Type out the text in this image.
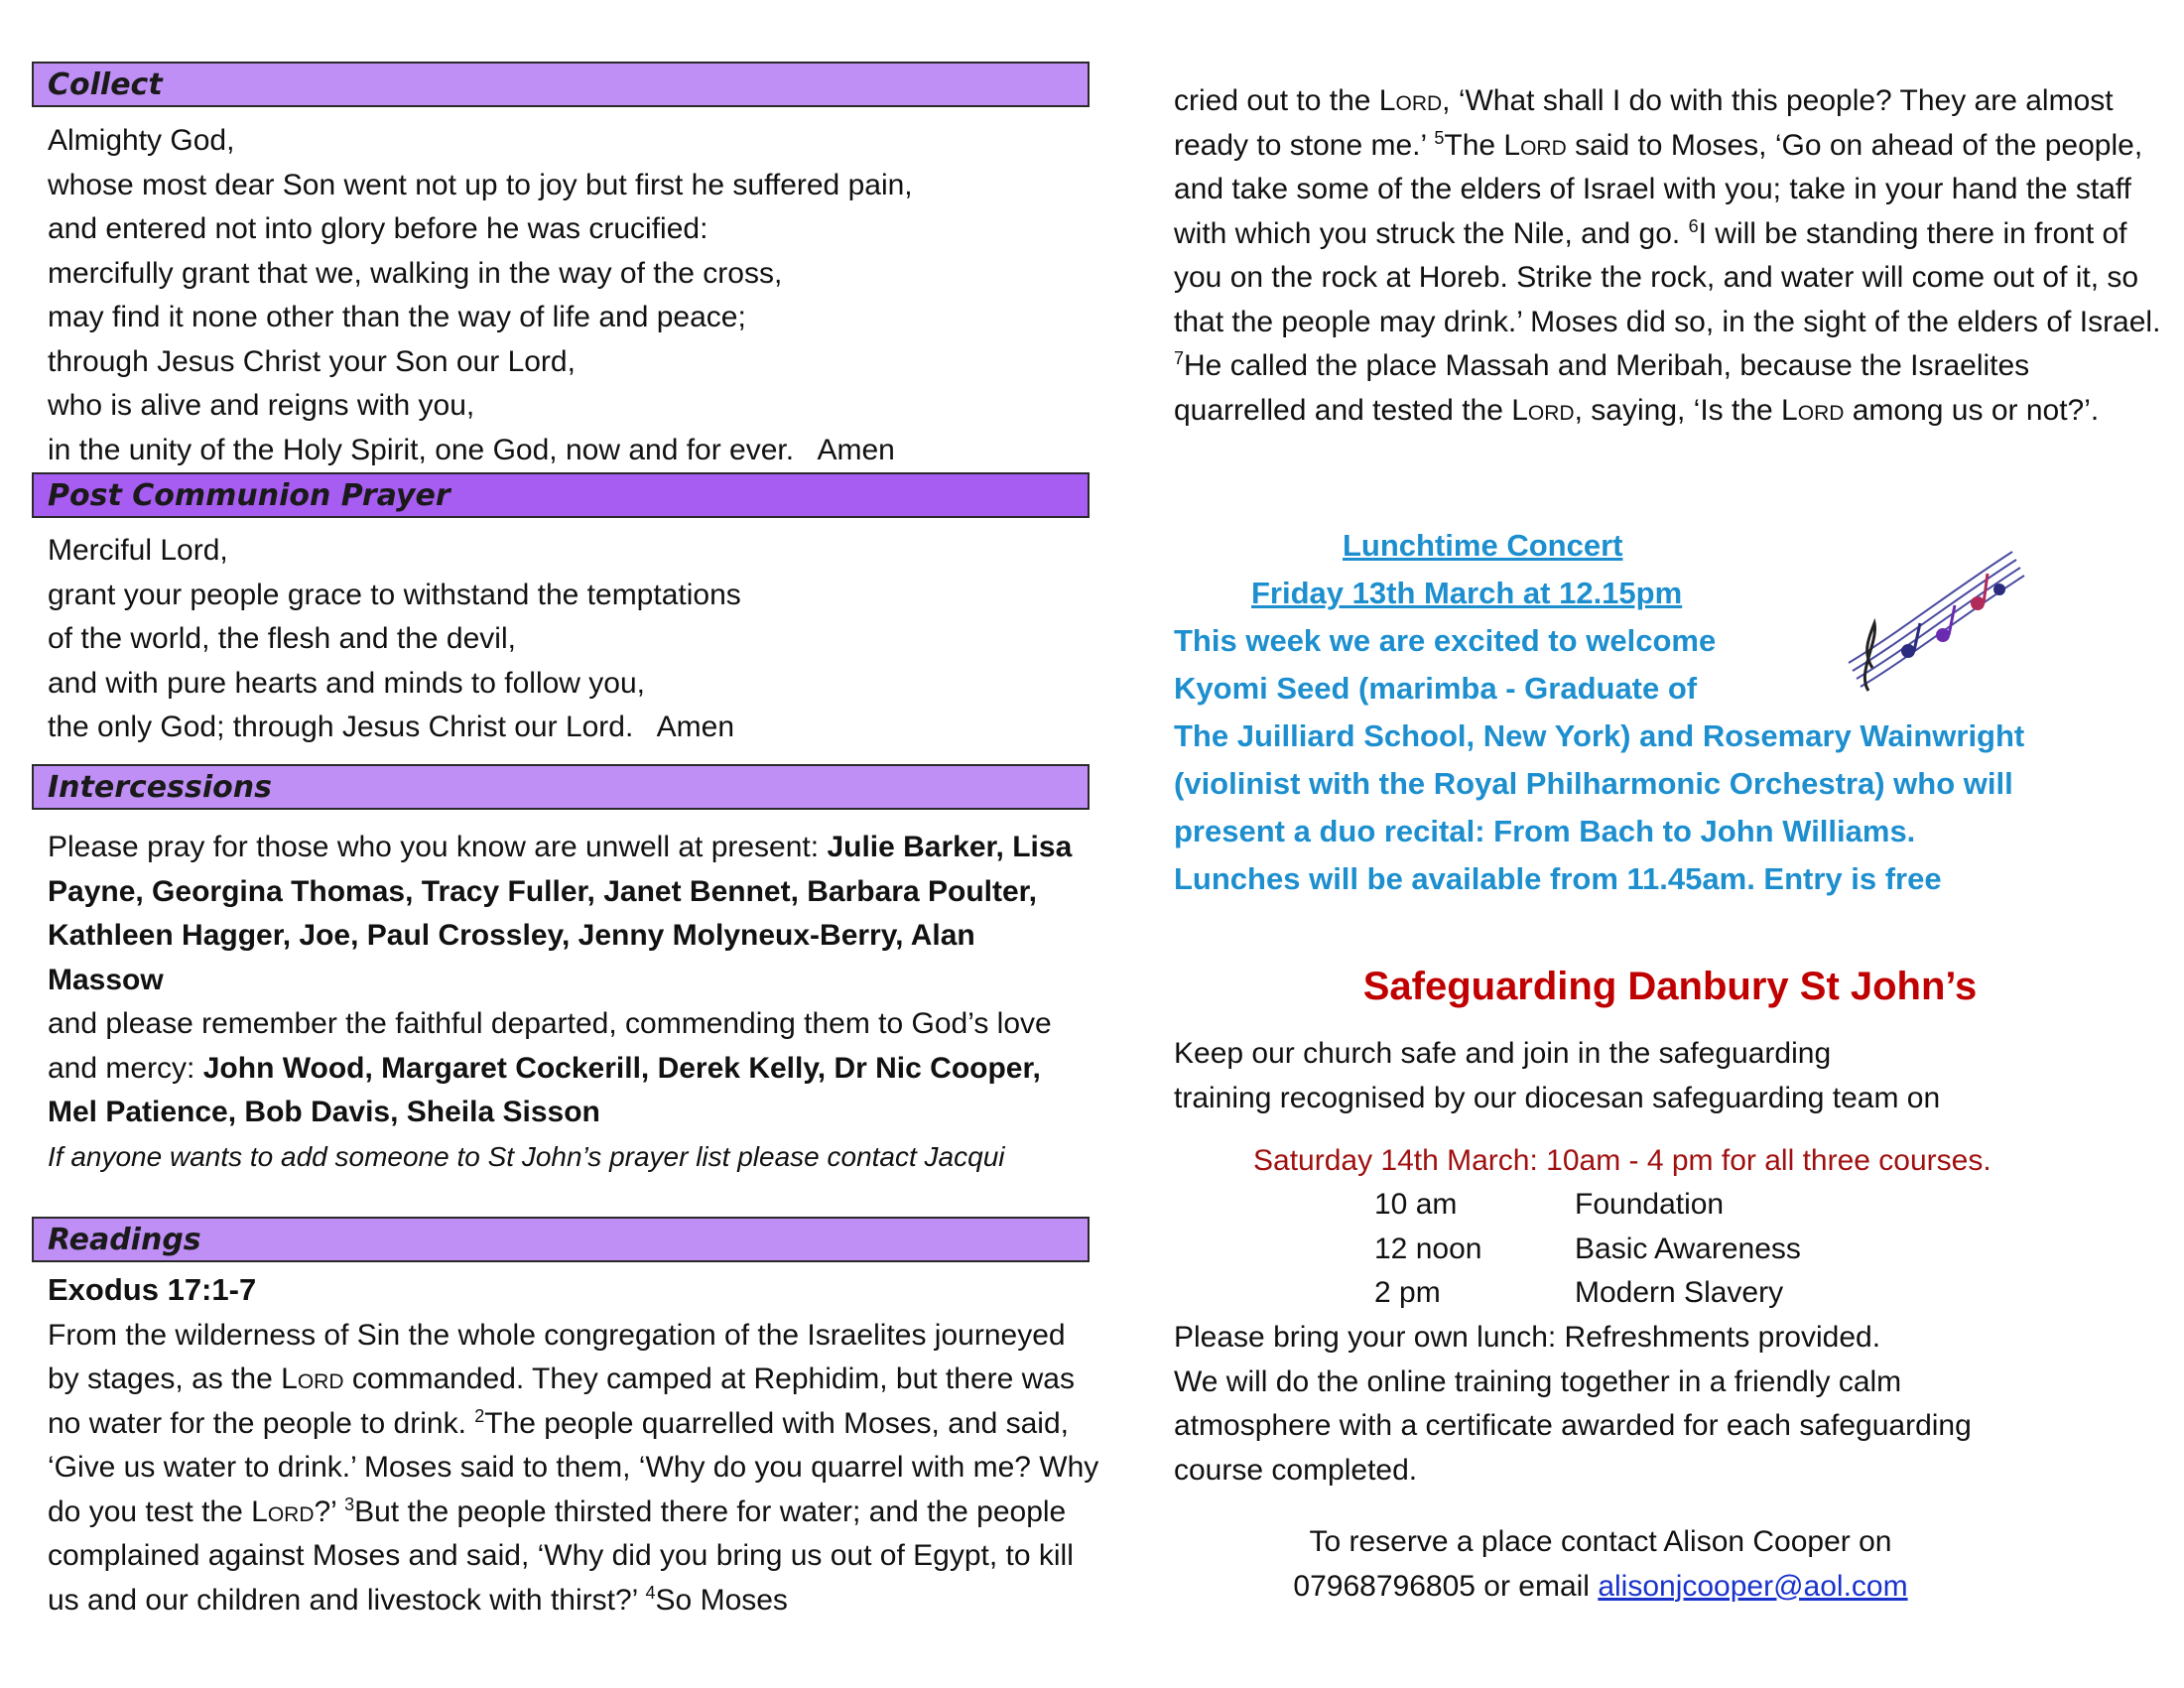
Collect
Almighty God,
whose most dear Son went not up to joy but first he suffered pain,
and entered not into glory before he was crucified:
mercifully grant that we, walking in the way of the cross,
may find it none other than the way of life and peace;
through Jesus Christ your Son our Lord,
who is alive and reigns with you,
in the unity of the Holy Spirit, one God, now and for ever.   Amen
Post Communion Prayer
Merciful Lord,
grant your people grace to withstand the temptations
of the world, the flesh and the devil,
and with pure hearts and minds to follow you,
the only God; through Jesus Christ our Lord.   Amen
Intercessions
Please pray for those who you know are unwell at present: Julie Barker, Lisa Payne, Georgina Thomas, Tracy Fuller, Janet Bennet, Barbara Poulter, Kathleen Hagger, Joe, Paul Crossley, Jenny Molyneux-Berry, Alan Massow
and please remember the faithful departed, commending them to God’s love and mercy: John Wood, Margaret Cockerill, Derek Kelly, Dr Nic Cooper, Mel Patience, Bob Davis, Sheila Sisson
If anyone wants to add someone to St John’s prayer list please contact Jacqui
Readings
Exodus 17:1-7
From the wilderness of Sin the whole congregation of the Israelites journeyed by stages, as the Lord commanded. They camped at Rephidim, but there was no water for the people to drink. $^2$The people quarrelled with Moses, and said, ‘Give us water to drink.’ Moses said to them, ‘Why do you quarrel with me? Why do you test the Lord?’ $^3$But the people thirsted there for water; and the people complained against Moses and said, ‘Why did you bring us out of Egypt, to kill us and our children and livestock with thirst?’ $^4$So Moses
cried out to the Lord, ‘What shall I do with this people? They are almost ready to stone me.’ $^5$The Lord said to Moses, ‘Go on ahead of the people, and take some of the elders of Israel with you; take in your hand the staff with which you struck the Nile, and go. $^6$I will be standing there in front of you on the rock at Horeb. Strike the rock, and water will come out of it, so that the people may drink.’ Moses did so, in the sight of the elders of Israel. $^7$He called the place Massah and Meribah, because the Israelites quarrelled and tested the Lord, saying, ‘Is the Lord among us or not?’.
Lunchtime Concert
Friday 13th March at 12.15pm
This week we are excited to welcome
Kyomi Seed (marimba - Graduate of
The Juilliard School, New York) and Rosemary Wainwright
(violinist with the Royal Philharmonic Orchestra) who will
present a duo recital: From Bach to John Williams.
Lunches will be available from 11.45am. Entry is free
Safeguarding Danbury St John’s
Keep our church safe and join in the safeguarding
training recognised by our diocesan safeguarding team on
Saturday 14th March: 10am - 4 pm for all three courses.
10 am
12 noon
2 pm
Foundation
Basic Awareness
Modern Slavery
Please bring your own lunch: Refreshments provided.
We will do the online training together in a friendly calm
atmosphere with a certificate awarded for each safeguarding
course completed.
To reserve a place contact Alison Cooper on
07968796805 or email alisonjcooper@aol.com
